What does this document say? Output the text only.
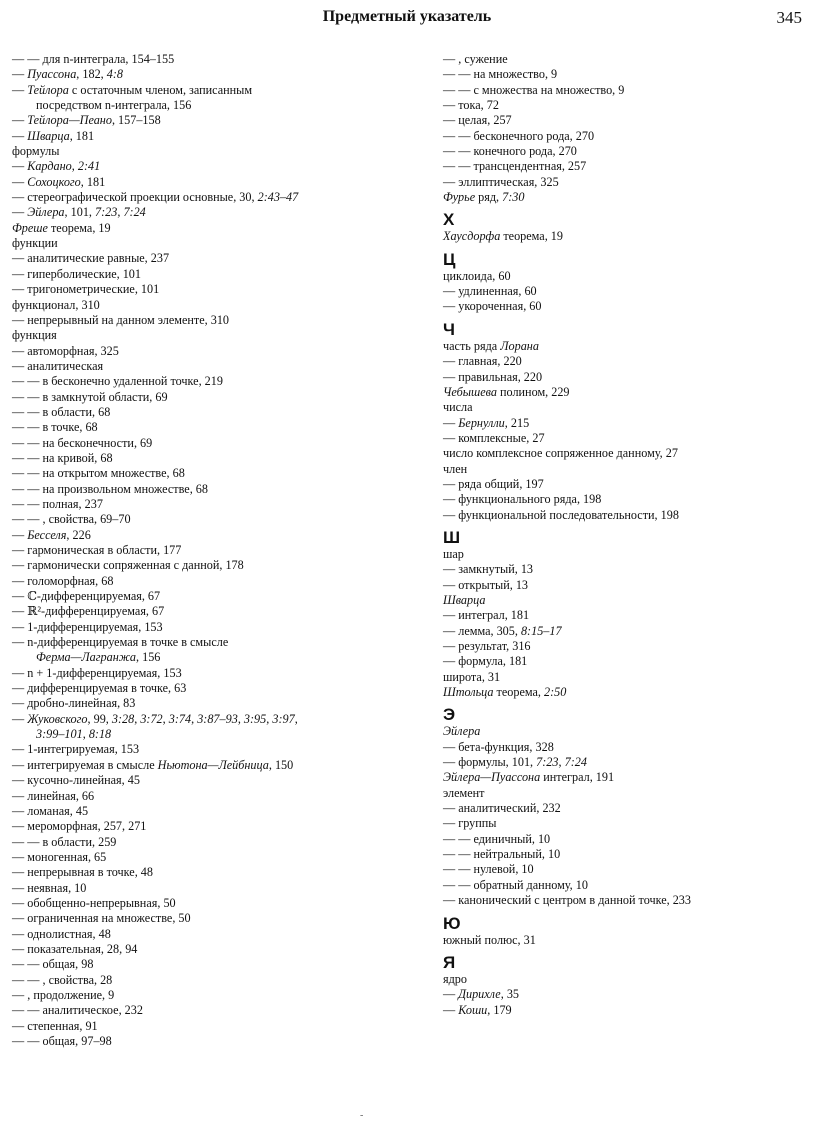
Предметный указатель	345
— — для n-интеграла, 154–155
— Пуассона, 182, 4:8
— Тейлора с остаточным членом, записанным
посредством n-интеграла, 156
— Тейлора—Пеано, 157–158
— Шварца, 181
формулы
— Кардано, 2:41
— Сохоцкого, 181
— стереографической проекции основные, 30, 2:43–47
— Эйлера, 101, 7:23, 7:24
Фреше теорема, 19
функции
— аналитические равные, 237
— гиперболические, 101
— тригонометрические, 101
функционал, 310
— непрерывный на данном элементе, 310
функция
— автоморфная, 325
— аналитическая
— — в бесконечно удаленной точке, 219
— — в замкнутой области, 69
— — в области, 68
— — в точке, 68
— — на бесконечности, 69
— — на кривой, 68
— — на открытом множестве, 68
— — на произвольном множестве, 68
— — полная, 237
— — , свойства, 69–70
— Бесселя, 226
— гармоническая в области, 177
— гармонически сопряженная с данной, 178
— голоморфная, 68
— ℂ-дифференцируемая, 67
— ℝ²-дифференцируемая, 67
— 1-дифференцируемая, 153
— n-дифференцируемая в точке в смысле
Ферма—Лагранжа, 156
— n + 1-дифференцируемая, 153
— дифференцируемая в точке, 63
— дробно-линейная, 83
— Жуковского, 99, 3:28, 3:72, 3:74, 3:87–93, 3:95, 3:97,
3:99–101, 8:18
— 1-интегрируемая, 153
— интегрируемая в смысле Ньютона—Лейбница, 150
— кусочно-линейная, 45
— линейная, 66
— ломаная, 45
— мероморфная, 257, 271
— — в области, 259
— моногенная, 65
— непрерывная в точке, 48
— неявная, 10
— обобщенно-непрерывная, 50
— ограниченная на множестве, 50
— однолистная, 48
— показательная, 28, 94
— — общая, 98
— — , свойства, 28
— , продолжение, 9
— — аналитическое, 232
— степенная, 91
— — общая, 97–98
— , сужение
— — на множество, 9
— — с множества на множество, 9
— тока, 72
— целая, 257
— — бесконечного рода, 270
— — конечного рода, 270
— — трансцендентная, 257
— эллиптическая, 325
Фурье ряд, 7:30
Х
Хаусдорфа теорема, 19
Ц
циклоида, 60
— удлиненная, 60
— укороченная, 60
Ч
часть ряда Лорана
— главная, 220
— правильная, 220
Чебышева полином, 229
числа
— Бернулли, 215
— комплексные, 27
число комплексное сопряженное данному, 27
член
— ряда общий, 197
— функционального ряда, 198
— функциональной последовательности, 198
Ш
шар
— замкнутый, 13
— открытый, 13
Шварца
— интеграл, 181
— лемма, 305, 8:15–17
— результат, 316
— формула, 181
широта, 31
Штольца теорема, 2:50
Э
Эйлера
— бета-функция, 328
— формулы, 101, 7:23, 7:24
Эйлера—Пуассона интеграл, 191
элемент
— аналитический, 232
— группы
— — единичный, 10
— — нейтральный, 10
— — нулевой, 10
— — обратный данному, 10
— канонический с центром в данной точке, 233
Ю
южный полюс, 31
Я
ядро
— Дирихле, 35
— Коши, 179
-
